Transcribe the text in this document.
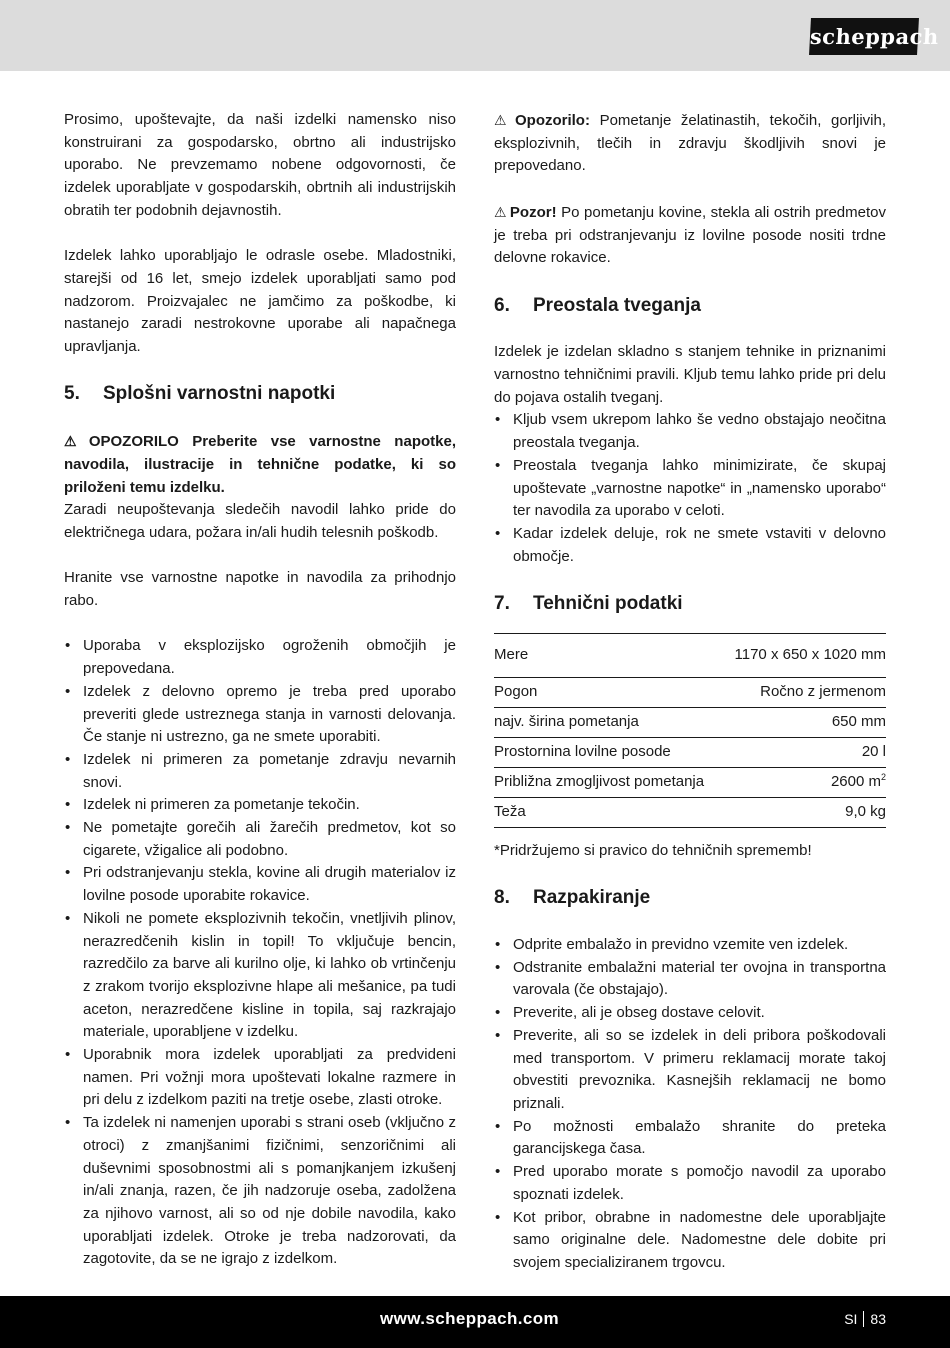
scheppach

Prosimo, upoštevajte, da naši izdelki namensko niso konstruirani za gospodarsko, obrtno ali industrijsko uporabo. Ne prevzemamo nobene odgovornosti, če izdelek uporabljate v gospodarskih, obrtnih ali industrijskih obratih ter podobnih dejavnostih.

Izdelek lahko uporabljajo le odrasle osebe. Mladostniki, starejši od 16 let, smejo izdelek uporabljati samo pod nadzorom. Proizvajalec ne jamčimo za poškodbe, ki nastanejo zaradi nestrokovne uporabe ali napačnega upravljanja.

5.	Splošni varnostni napotki

⚠ OPOZORILO Preberite vse varnostne napotke, navodila, ilustracije in tehnične podatke, ki so priloženi temu izdelku.

Zaradi neupoštevanja sledečih navodil lahko pride do električnega udara, požara in/ali hudih telesnih poškodb.

Hranite vse varnostne napotke in navodila za prihodnjo rabo.

• Uporaba v eksplozijsko ogroženih območjih je prepovedana.
• Izdelek z delovno opremo je treba pred uporabo preveriti glede ustreznega stanja in varnosti delovanja. Če stanje ni ustrezno, ga ne smete uporabiti.
• Izdelek ni primeren za pometanje zdravju nevarnih snovi.
• Izdelek ni primeren za pometanje tekočin.
• Ne pometajte gorečih ali žarečih predmetov, kot so cigarete, vžigalice ali podobno.
• Pri odstranjevanju stekla, kovine ali drugih materialov iz lovilne posode uporabite rokavice.
• Nikoli ne pomete eksplozivnih tekočin, vnetljivih plinov, nerazredčenih kislin in topil! To vključuje bencin, razredčilo za barve ali kurilno olje, ki lahko ob vrtinčenju z zrakom tvorijo eksplozivne hlape ali mešanice, pa tudi aceton, nerazredčene kisline in topila, saj razkrajajo materiale, uporabljene v izdelku.
• Uporabnik mora izdelek uporabljati za predvideni namen. Pri vožnji mora upoštevati lokalne razmere in pri delu z izdelkom paziti na tretje osebe, zlasti otroke.
• Ta izdelek ni namenjen uporabi s strani oseb (vključno z otroci) z zmanjšanimi fizičnimi, senzoričnimi ali duševnimi sposobnostmi ali s pomanjkanjem izkušenj in/ali znanja, razen, če jih nadzoruje oseba, zadolžena za njihovo varnost, ali so od nje dobile navodila, kako uporabljati izdelek. Otroke je treba nadzorovati, da zagotovite, da se ne igrajo z izdelkom.

⚠ Opozorilo: Pometanje želatinastih, tekočih, gorljivih, eksplozivnih, tlečih in zdravju škodljivih snovi je prepovedano.

⚠ Pozor! Po pometanju kovine, stekla ali ostrih predmetov je treba pri odstranjevanju iz lovilne posode nositi trdne delovne rokavice.

6.	Preostala tveganja

Izdelek je izdelan skladno s stanjem tehnike in priznanimi varnostno tehničnimi pravili. Kljub temu lahko pride pri delu do pojava ostalih tveganj.

• Kljub vsem ukrepom lahko še vedno obstajajo neočitna preostala tveganja.
• Preostala tveganja lahko minimizirate, če skupaj upoštevate „varnostne napotke“ in „namensko uporabo“ ter navodila za uporabo v celoti.
• Kadar izdelek deluje, rok ne smete vstaviti v delovno območje.
7.	Tehnični podatki
Mere	1170 x 650 x 1020 mm
Pogon	Ročno z jermenom
najv. širina pometanja	650 mm
Prostornina lovilne posode	20 l
Približna zmogljivost pometanja	2600 $m^2$
Teža	9,0 kg

*Pridržujemo si pravico do tehničnih sprememb!

8.	Razpakiranje
• Odprite embalažo in previdno vzemite ven izdelek.
• Odstranite embalažni material ter ovojna in transportna varovala (če obstajajo).
• Preverite, ali je obseg dostave celovit.
• Preverite, ali so se izdelek in deli pribora poškodovali med transportom. V primeru reklamacij morate takoj obvestiti prevoznika. Kasnejših reklamacij ne bomo priznali.
• Po možnosti embalažo shranite do preteka garancijskega časa.
• Pred uporabo morate s pomočjo navodil za uporabo spoznati izdelek.
• Kot pribor, obrabne in nadomestne dele uporabljajte samo originalne dele. Nadomestne dele dobite pri svojem specializiranem trgovcu.
www.scheppach.com	SI 83
